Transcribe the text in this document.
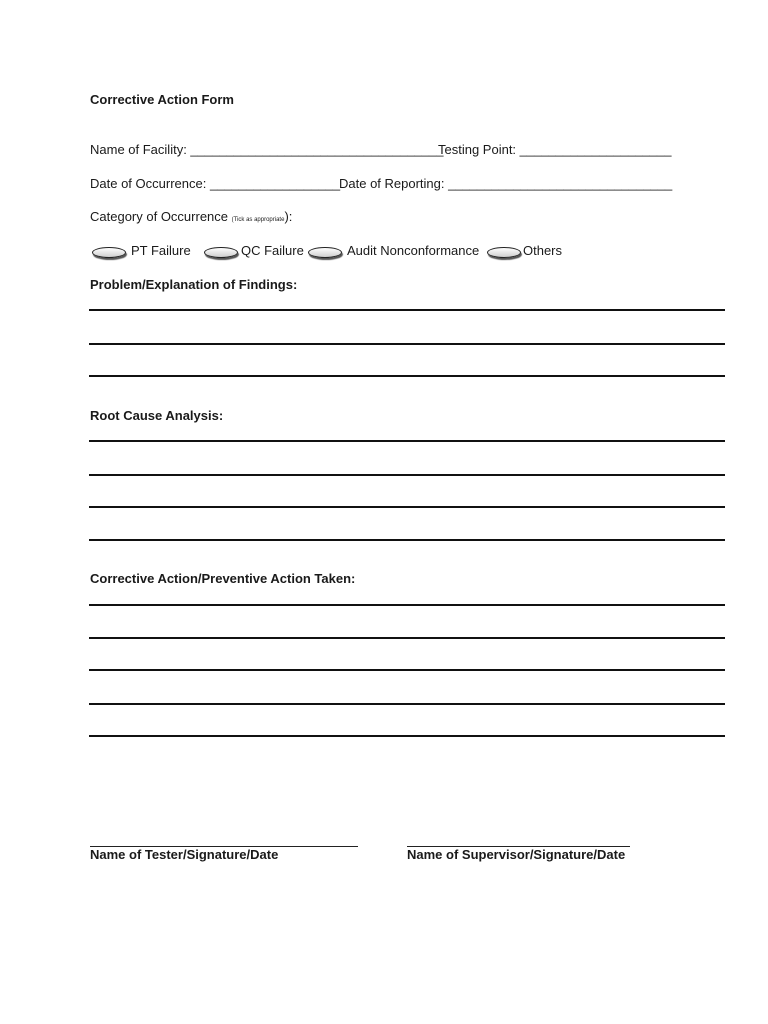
Corrective Action Form
Name of Facility: ___________________________________
Testing Point: _____________________
Date of Occurrence: __________________
Date of Reporting: _______________________________
Category of Occurrence (Tick as appropriate):
PT Failure	QC Failure	Audit Nonconformance	Others
Problem/Explanation of Findings:
Root Cause Analysis:
Corrective Action/Preventive Action Taken:
Name of Tester/Signature/Date	Name of Supervisor/Signature/Date
